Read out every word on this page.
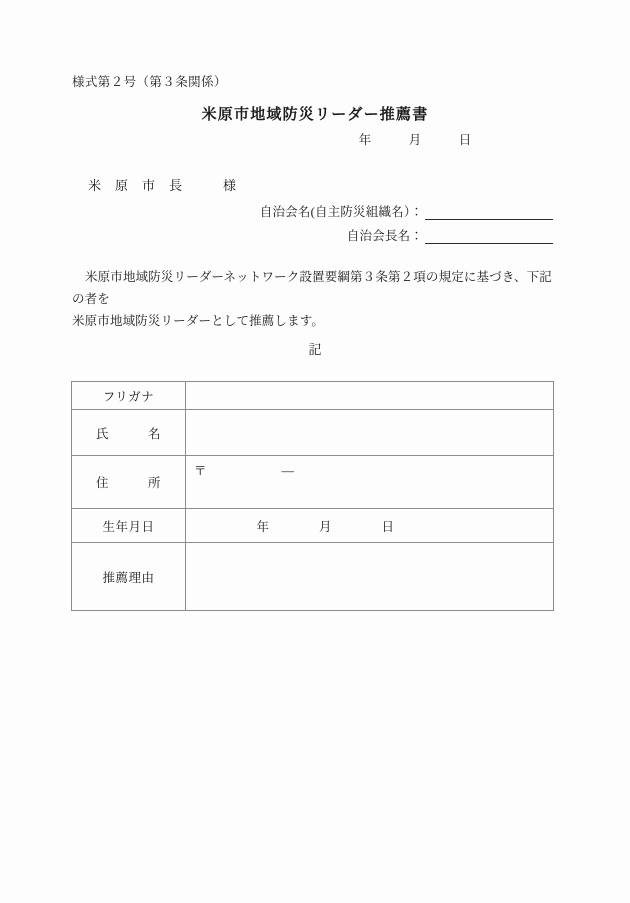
様式第２号（第３条関係）
米原市地域防災リーダー推薦書
年　　　月　　　日
米　原　市　長　　　様
自治会名(自主防災組織名）：
自治会長名：
米原市地域防災リーダーネットワーク設置要綱第３条第２項の規定に基づき、下記の者を
米原市地域防災リーダーとして推薦します。
記
フリガナ	
氏　　　名	
住　　　所	〒　　　　　　―
生年月日	　　　　　年　　　　月　　　　日
推薦理由	
